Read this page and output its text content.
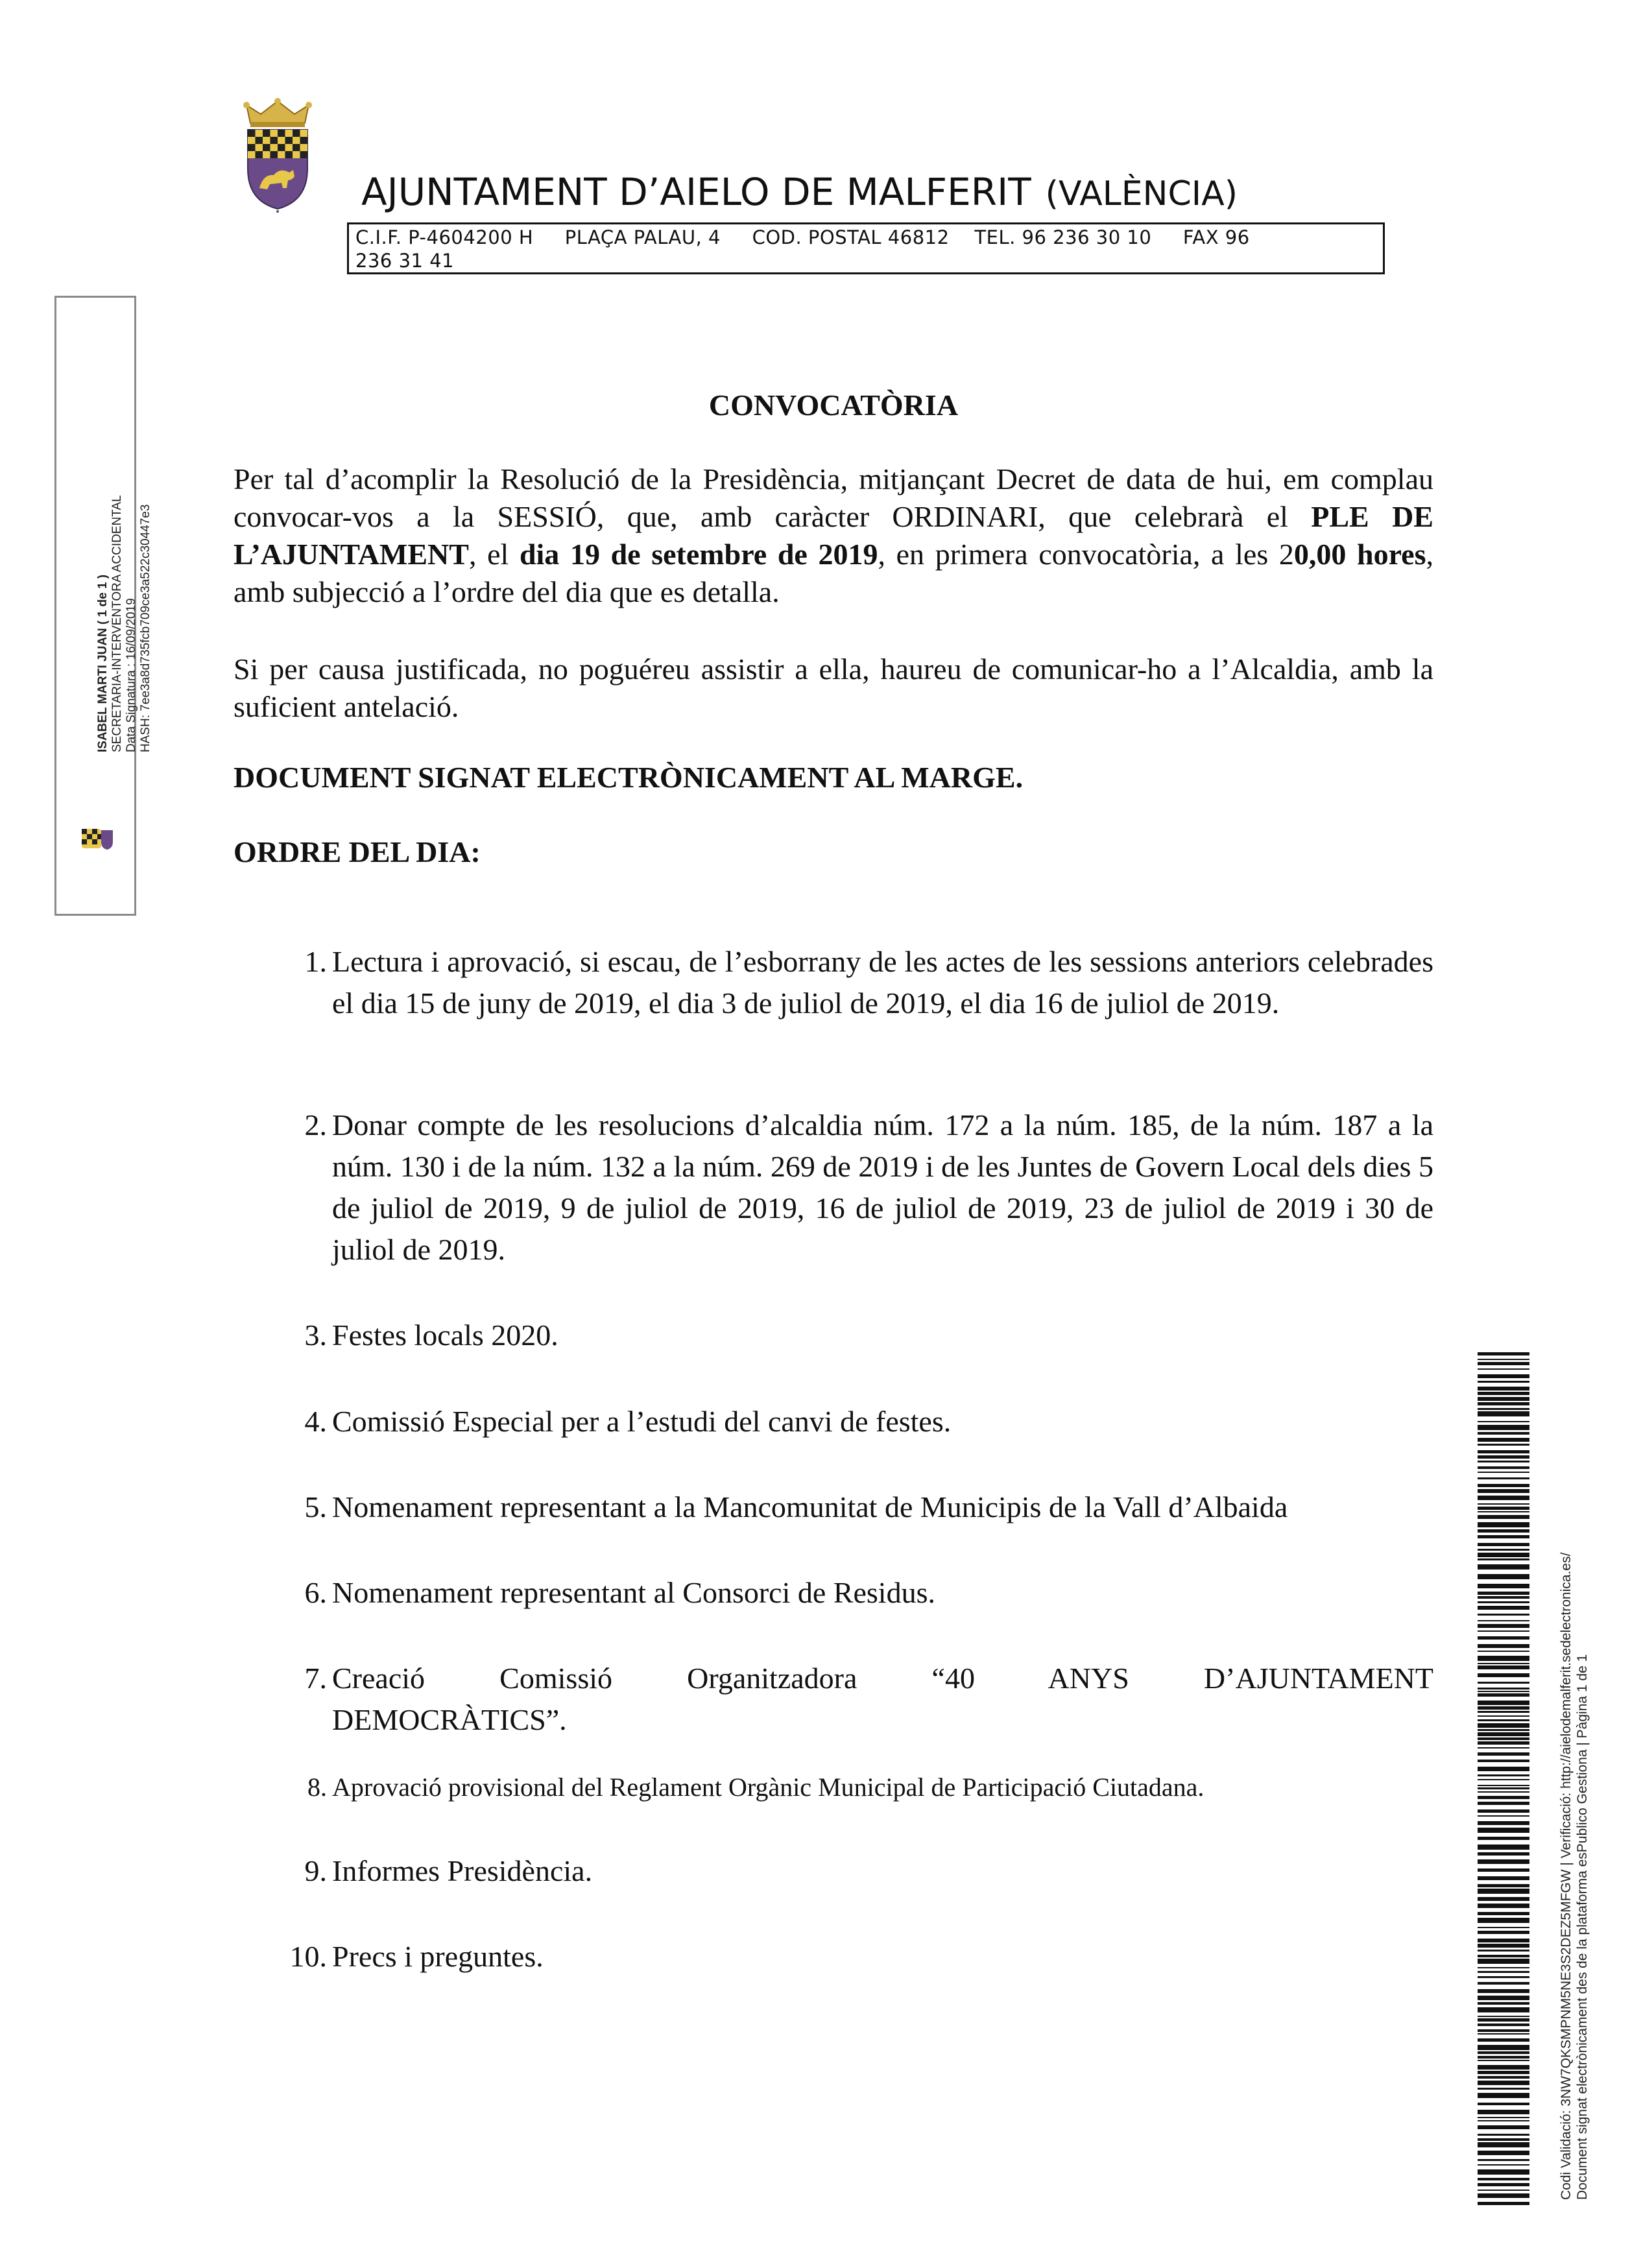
AJUNTAMENT D’AIELO DE MALFERIT (VALÈNCIA)
C.I.F. P-4604200 H     PLAÇA PALAU, 4     COD. POSTAL 46812    TEL. 96 236 30 10     FAX 96
236 31 41
ISABEL MARTI JUAN ( 1 de 1 ) SECRETARIA-INTERVENTORA ACCIDENTAL Data Signatura : 16/09/2019 HASH: 7ee3a8d735fcb709ce3a522c30447e3
CONVOCATÒRIA
Per tal d’acomplir la Resolució de la Presidència, mitjançant Decret de data de hui, em complau convocar-vos a la SESSIÓ, que, amb caràcter ORDINARI, que celebrarà el PLE DE L’AJUNTAMENT, el dia 19 de setembre de 2019, en primera convocatòria, a les 20,00 hores, amb subjecció a l’ordre del dia que es detalla.
Si per causa justificada, no poguéreu assistir a ella, haureu de comunicar-ho a l’Alcaldia, amb la suficient antelació.
DOCUMENT SIGNAT ELECTRÒNICAMENT AL MARGE.
ORDRE DEL DIA:
1. Lectura i aprovació, si escau, de l’esborrany de les actes de les sessions anteriors celebrades el dia 15 de juny de 2019, el dia 3 de juliol de 2019, el dia 16 de juliol de 2019.
2. Donar compte de les resolucions d’alcaldia núm. 172 a la núm. 185, de la núm. 187 a la núm. 130 i de la núm. 132 a la núm. 269 de 2019 i de les Juntes de Govern Local dels dies 5 de juliol de 2019, 9 de juliol de 2019, 16 de juliol de 2019, 23 de juliol de 2019 i 30 de juliol de 2019.
3. Festes locals 2020.
4. Comissió Especial per a l’estudi del canvi de festes.
5. Nomenament representant a la Mancomunitat de Municipis de la Vall d’Albaida
6. Nomenament representant al Consorci de Residus.
7. Creació Comissió Organitzadora “40 ANYS D’AJUNTAMENT
DEMOCRÀTICS”.
8. Aprovació provisional del Reglament Orgànic Municipal de Participació Ciutadana.
9. Informes Presidència.
10. Precs i preguntes.	Codi Validació: 3NW7QKSMPNM5NE3S2DEZ5MFGW | Verificació: http://aielodemalferit.sedelectronica.es/ Document signat electrònicament des de la plataforma esPublico Gestiona | Pàgina 1 de 1
